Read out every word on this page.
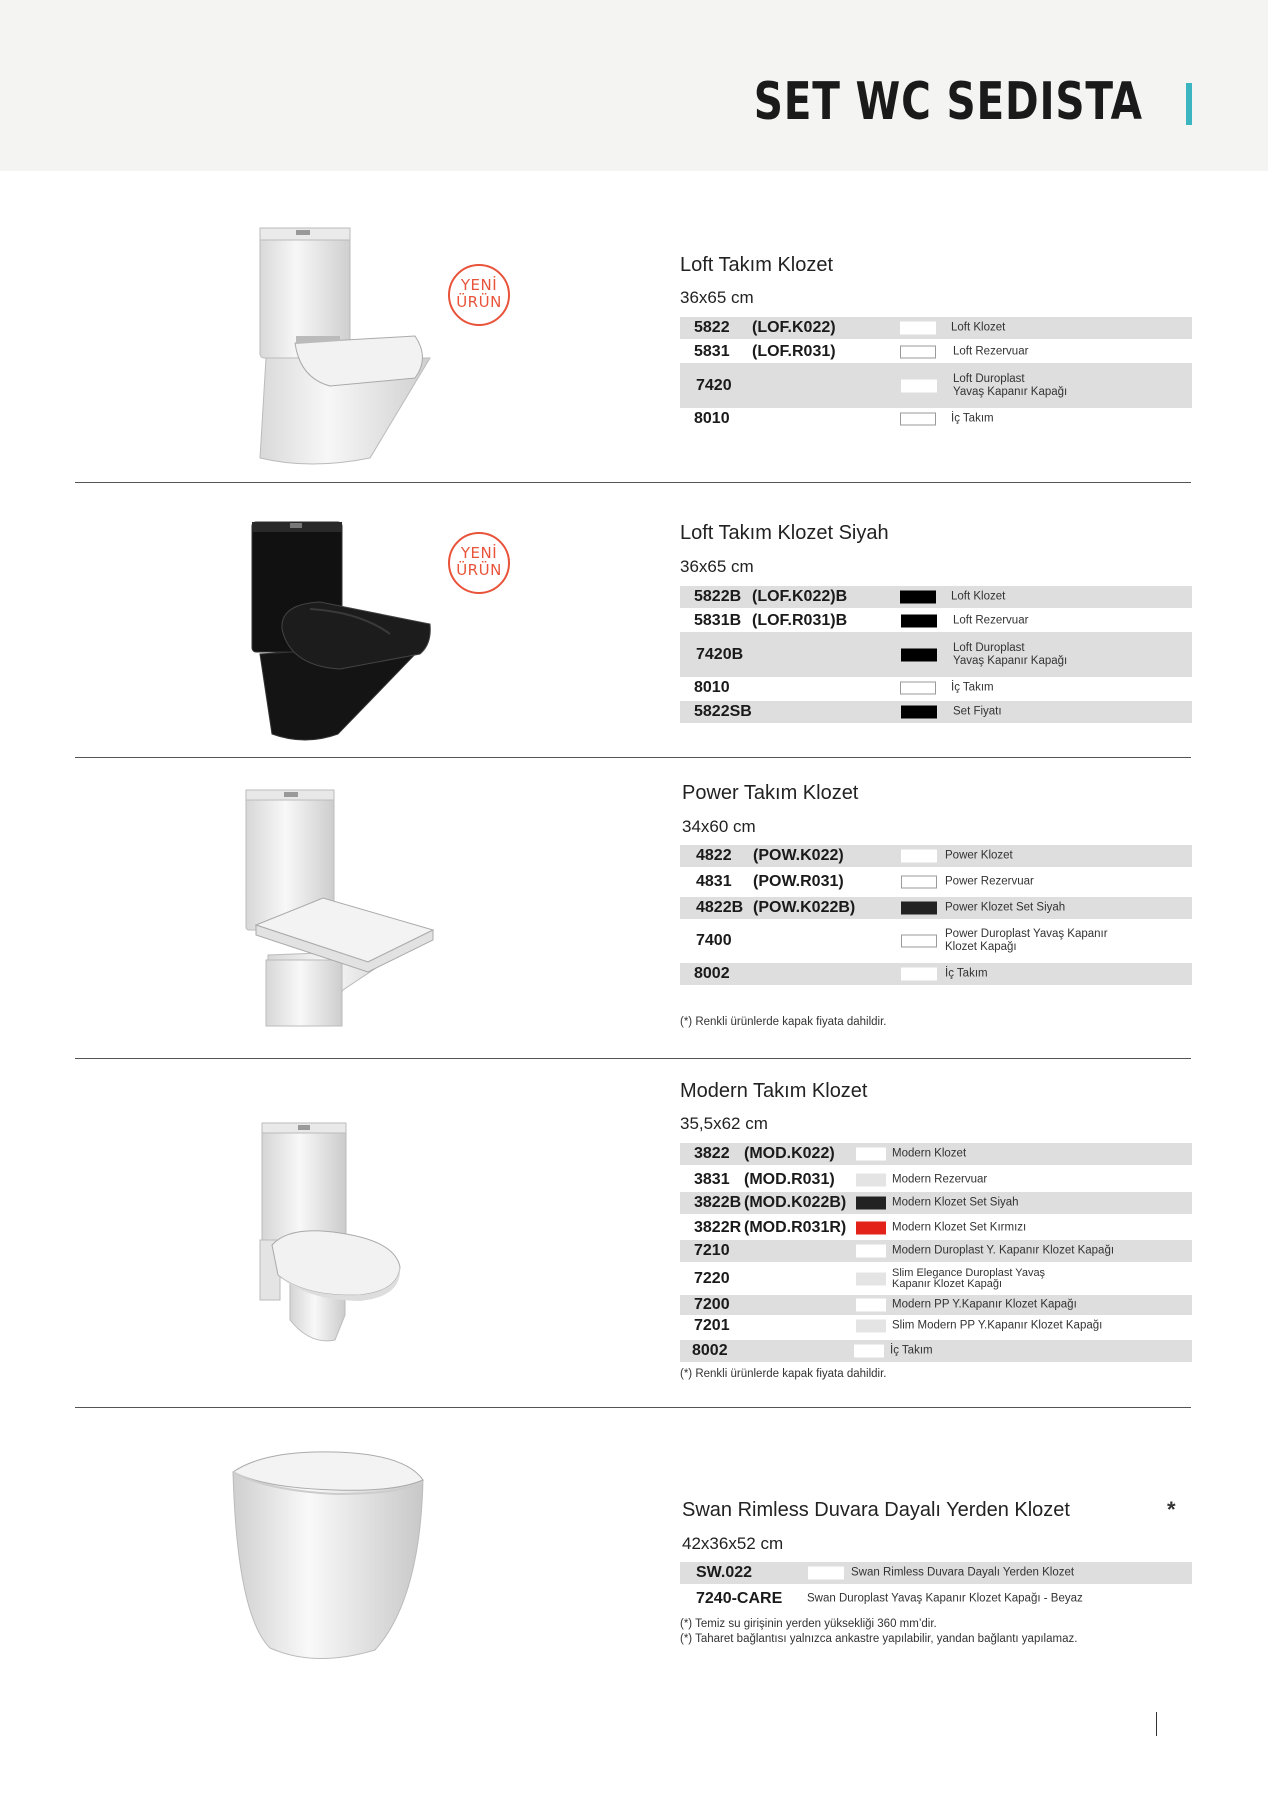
SET WC SEDISTA
YENİ
ÜRÜN
Loft Takım Klozet
36x65 cm
5822 (LOF.K022)	Loft Klozet
5831 (LOF.R031)	Loft Rezervuar
7420	Loft Duroplast
Yavaş Kapanır Kapağı
8010	İç Takım
YENİ
ÜRÜN
Loft Takım Klozet Siyah
36x65 cm
5822B (LOF.K022)B	Loft Klozet
5831B (LOF.R031)B	Loft Rezervuar
7420B	Loft Duroplast
Yavaş Kapanır Kapağı
8010	İç Takım
5822SB	Set Fiyatı
Power Takım Klozet
34x60 cm
4822 (POW.K022)	Power Klozet
4831 (POW.R031)	Power Rezervuar
4822B (POW.K022B)	Power Klozet Set Siyah
7400	Power Duroplast Yavaş Kapanır
Klozet Kapağı
8002	İç Takım
(*) Renkli ürünlerde kapak fiyata dahildir.
Modern Takım Klozet
35,5x62 cm
3822 (MOD.K022)	Modern Klozet
3831 (MOD.R031)	Modern Rezervuar
3822B (MOD.K022B)	Modern Klozet Set Siyah
3822R (MOD.R031R)	Modern Klozet Set Kırmızı
7210	Modern Duroplast Y. Kapanır Klozet Kapağı
7220	Slim Elegance Duroplast Yavaş
Kapanır Klozet Kapağı
7200	Modern PP Y.Kapanır Klozet Kapağı
7201	Slim Modern PP Y.Kapanır Klozet Kapağı
8002	İç Takım
(*) Renkli ürünlerde kapak fiyata dahildir.
Swan Rimless Duvara Dayalı Yerden Klozet	*
42x36x52 cm
SW.022	Swan Rimless Duvara Dayalı Yerden Klozet
7240-CARE Swan Duroplast Yavaş Kapanır Klozet Kapağı - Beyaz
(*) Temiz su girişinin yerden yüksekliği 360 mm’dir.
(*) Taharet bağlantısı yalnızca ankastre yapılabilir, yandan bağlantı yapılamaz.
